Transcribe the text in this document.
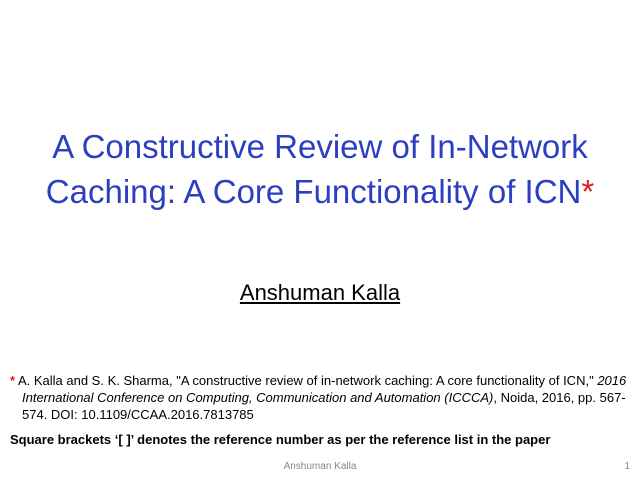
A Constructive Review of In-Network
Caching: A Core Functionality of ICN*
Anshuman Kalla
* A. Kalla and S. K. Sharma, "A constructive review of in-network caching: A core functionality of ICN," 2016 International Conference on Computing, Communication and Automation (ICCCA), Noida, 2016, pp. 567-574. DOI: 10.1109/CCAA.2016.7813785
Square brackets ‘[ ]’ denotes the reference number as per the reference list in the paper
Anshuman Kalla	1
